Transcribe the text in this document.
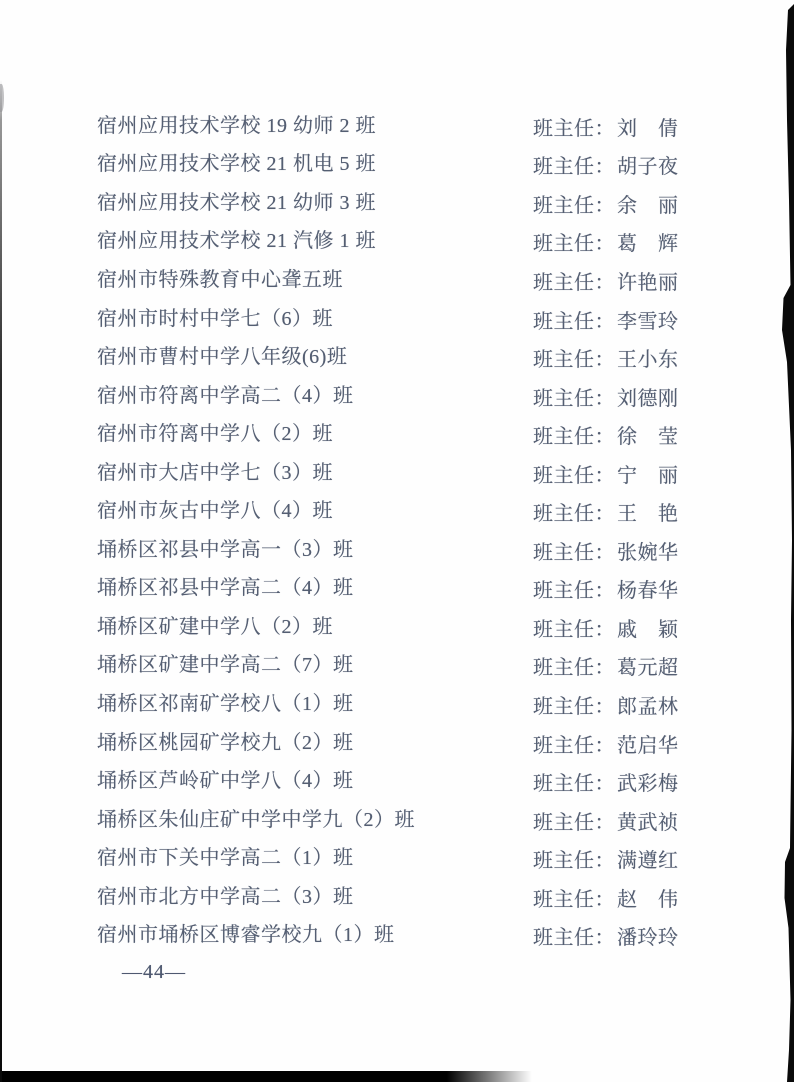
宿州应用技术学校 19 幼师 2 班	班主任： 刘　倩
宿州应用技术学校 21 机电 5 班	班主任： 胡子夜
宿州应用技术学校 21 幼师 3 班	班主任： 余　丽
宿州应用技术学校 21 汽修 1 班	班主任： 葛　辉
宿州市特殊教育中心聋五班	班主任： 许艳丽
宿州市时村中学七（6）班	班主任： 李雪玲
宿州市曹村中学八年级(6)班	班主任： 王小东
宿州市符离中学高二（4）班	班主任： 刘德刚
宿州市符离中学八（2）班	班主任： 徐　莹
宿州市大店中学七（3）班	班主任： 宁　丽
宿州市灰古中学八（4）班	班主任： 王　艳
埇桥区祁县中学高一（3）班	班主任： 张婉华
埇桥区祁县中学高二（4）班	班主任： 杨春华
埇桥区矿建中学八（2）班	班主任： 戚　颖
埇桥区矿建中学高二（7）班	班主任： 葛元超
埇桥区祁南矿学校八（1）班	班主任： 郎孟林
埇桥区桃园矿学校九（2）班	班主任： 范启华
埇桥区芦岭矿中学八（4）班	班主任： 武彩梅
埇桥区朱仙庄矿中学中学九（2）班	班主任： 黄武祯
宿州市下关中学高二（1）班	班主任： 满遵红
宿州市北方中学高二（3）班	班主任： 赵　伟
宿州市埇桥区博睿学校九（1）班	班主任： 潘玲玲
—44—
